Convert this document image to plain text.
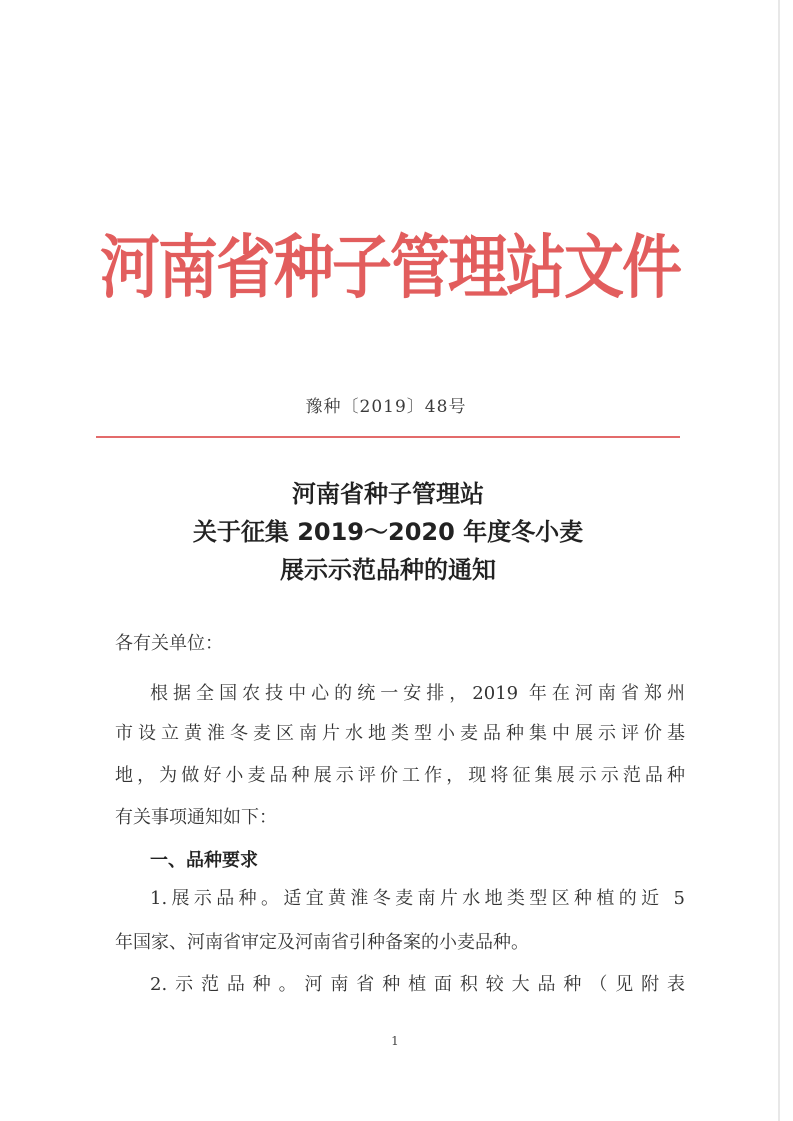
河南省种子管理站文件
豫种〔2019〕48号
河南省种子管理站
关于征集 2019～2020 年度冬小麦
展示示范品种的通知
各有关单位：
根据全国农技中心的统一安排，2019 年在河南省郑州
市设立黄淮冬麦区南片水地类型小麦品种集中展示评价基
地，为做好小麦品种展示评价工作，现将征集展示示范品种
有关事项通知如下：
一、品种要求
1.展示品种。适宜黄淮冬麦南片水地类型区种植的近 5
年国家、河南省审定及河南省引种备案的小麦品种。
2.示范品种。河南省种植面积较大品种（见附表
1
